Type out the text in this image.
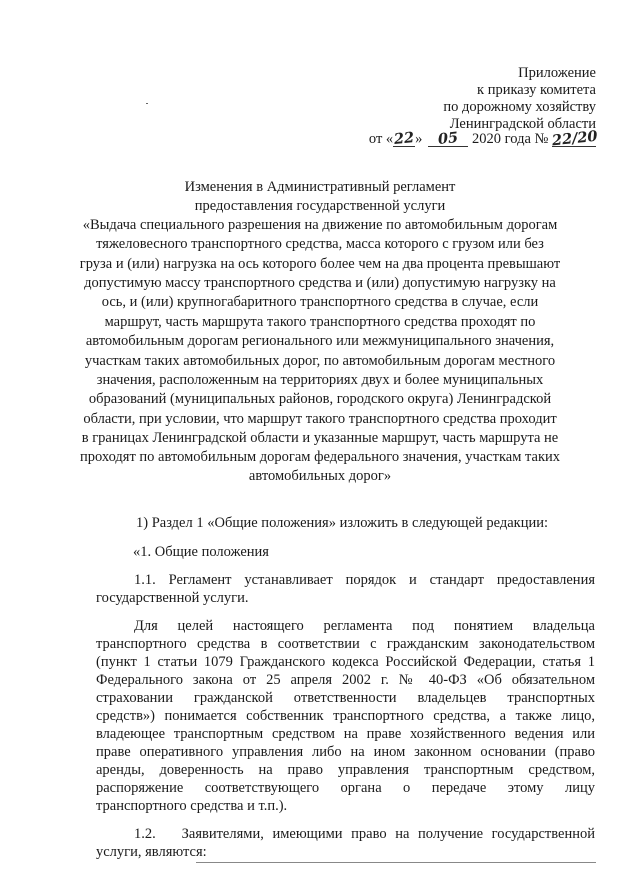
Приложение
к приказу комитета
по дорожному хозяйству
Ленинградской области
от «22» 05 2020 года № 22/20
Изменения в Административный регламент
предоставления государственной услуги
«Выдача специального разрешения на движение по автомобильным дорогам
тяжеловесного транспортного средства, масса которого с грузом или без
груза и (или) нагрузка на ось которого более чем на два процента превышают
допустимую массу транспортного средства и (или) допустимую нагрузку на
ось, и (или) крупногабаритного транспортного средства в случае, если
маршрут, часть маршрута такого транспортного средства проходят по
автомобильным дорогам регионального или межмуниципального значения,
участкам таких автомобильных дорог, по автомобильным дорогам местного
значения, расположенным на территориях двух и более муниципальных
образований (муниципальных районов, городского округа) Ленинградской
области, при условии, что маршрут такого транспортного средства проходит
в границах Ленинградской области и указанные маршрут, часть маршрута не
проходят по автомобильным дорогам федерального значения, участкам таких
автомобильных дорог»
1) Раздел 1 «Общие положения» изложить в следующей редакции:
«1. Общие положения
1.1. Регламент устанавливает порядок и стандарт предоставления
государственной услуги.
Для целей настоящего регламента под понятием владельца
транспортного средства в соответствии с гражданским законодательством
(пункт 1 статьи 1079 Гражданского кодекса Российской Федерации, статья 1
Федерального закона от 25 апреля 2002 г. № 40-ФЗ «Об обязательном
страховании гражданской ответственности владельцев транспортных
средств») понимается собственник транспортного средства, а также лицо,
владеющее транспортным средством на праве хозяйственного ведения или
праве оперативного управления либо на ином законном основании (право
аренды, доверенность на право управления транспортным средством,
распоряжение соответствующего органа о передаче этому лицу
транспортного средства и т.п.).
1.2.   Заявителями, имеющими право на получение государственной
услуги, являются:
